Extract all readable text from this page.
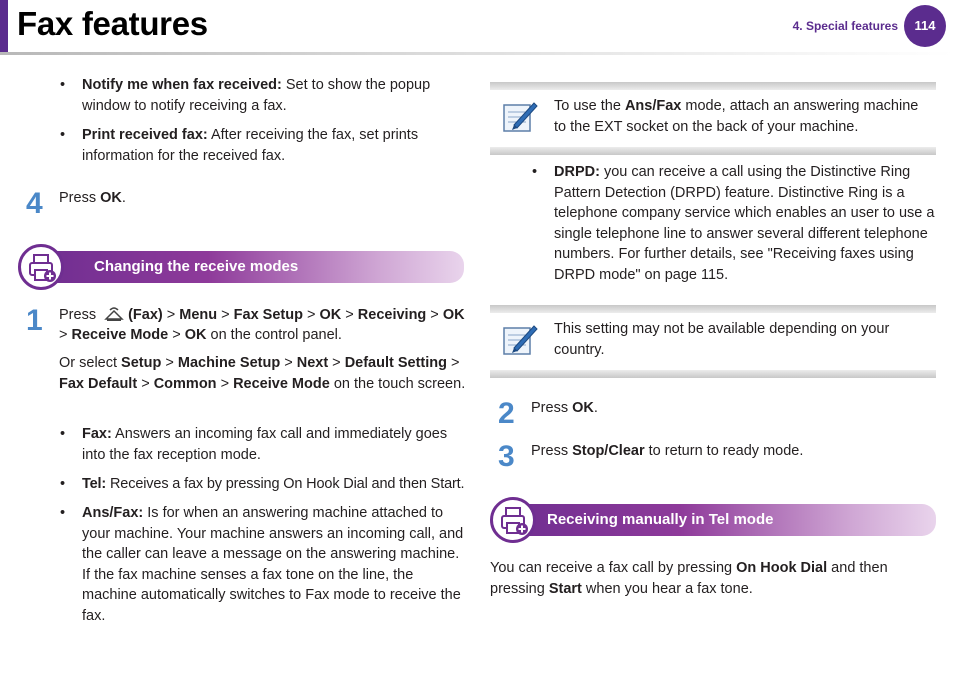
Fax features	4. Special features	114
• Notify me when fax received: Set to show the popup window to notify receiving a fax.
• Print received fax: After receiving the fax, set prints information for the received fax.
4 Press OK.
Changing the receive modes
1 Press (Fax) > Menu > Fax Setup > OK > Receiving > OK
> Receive Mode > OK on the control panel.
Or select Setup > Machine Setup > Next > Default Setting > Fax Default > Common > Receive Mode on the touch screen.
• Fax: Answers an incoming fax call and immediately goes into the fax reception mode.
• Tel: Receives a fax by pressing On Hook Dial and then Start.
• Ans/Fax: Is for when an answering machine attached to your machine. Your machine answers an incoming call, and the caller can leave a message on the answering machine. If the fax machine senses a fax tone on the line, the machine automatically switches to Fax mode to receive the fax.
To use the Ans/Fax mode, attach an answering machine to the EXT socket on the back of your machine.
• DRPD: you can receive a call using the Distinctive Ring Pattern Detection (DRPD) feature. Distinctive Ring is a telephone company service which enables an user to use a single telephone line to answer several different telephone numbers. For further details, see "Receiving faxes using DRPD mode" on page 115.
This setting may not be available depending on your country.
2 Press OK.
3 Press Stop/Clear to return to ready mode.
Receiving manually in Tel mode
You can receive a fax call by pressing On Hook Dial and then pressing Start when you hear a fax tone.
